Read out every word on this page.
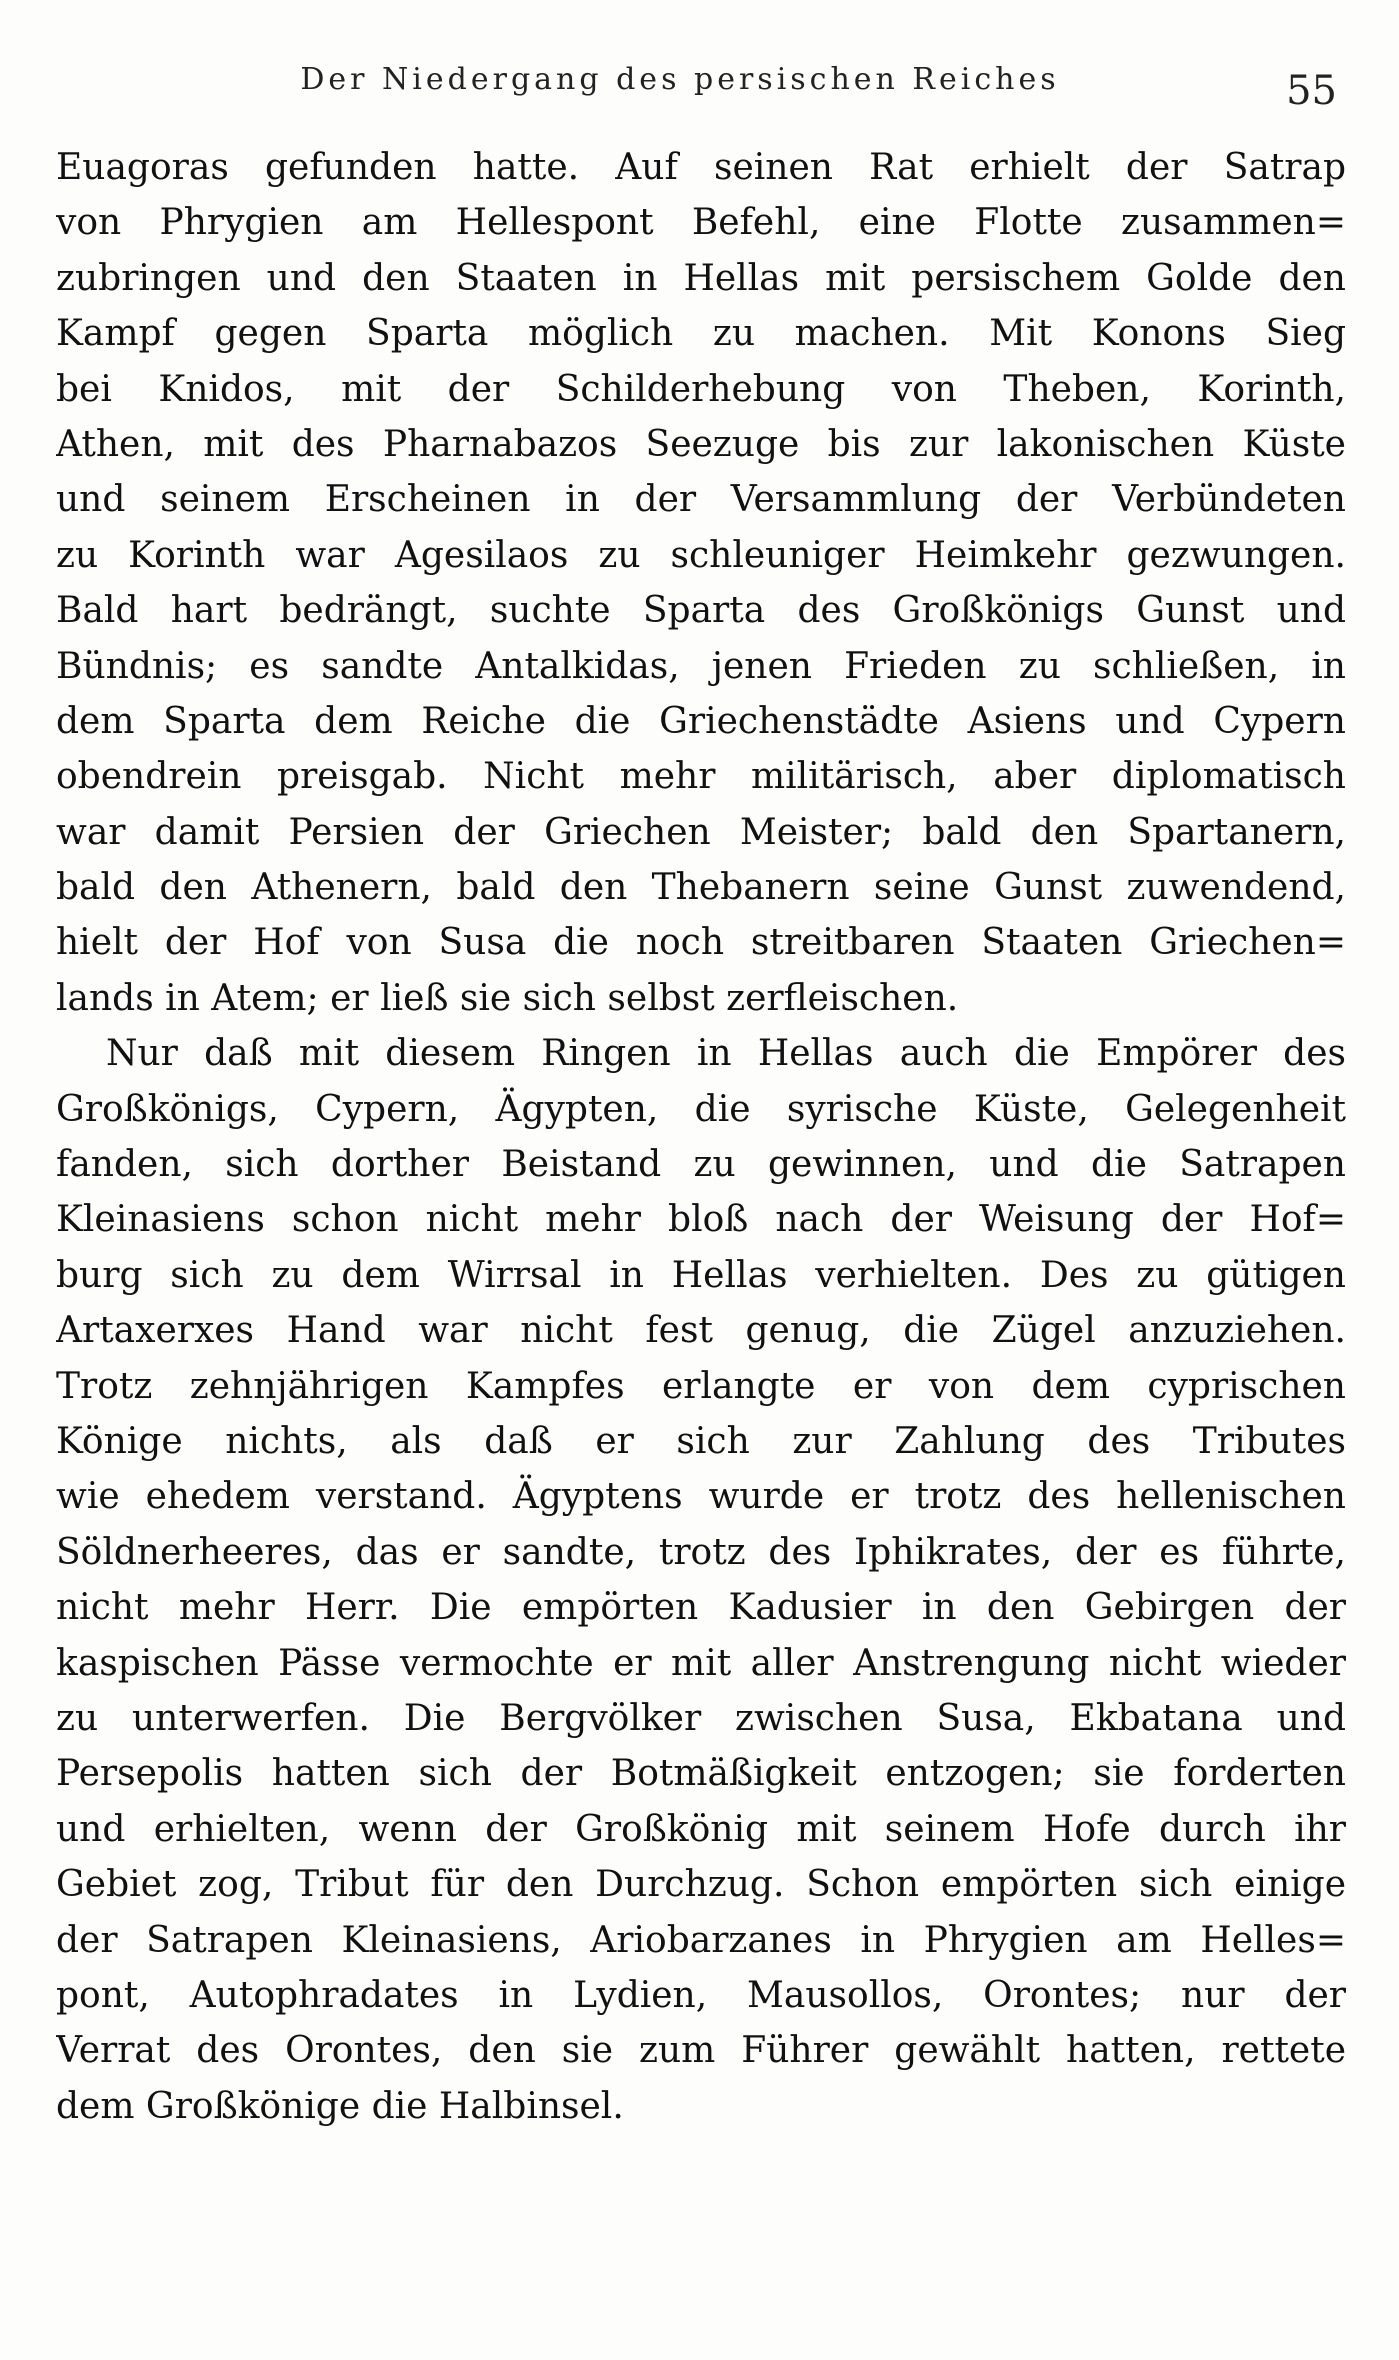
Der Niedergang des persischen Reiches	55
Euagoras gefunden hatte. Auf seinen Rat erhielt der Satrap
von Phrygien am Hellespont Befehl, eine Flotte zusammen=
zubringen und den Staaten in Hellas mit persischem Golde den
Kampf gegen Sparta möglich zu machen. Mit Konons Sieg
bei Knidos, mit der Schilderhebung von Theben, Korinth,
Athen, mit des Pharnabazos Seezuge bis zur lakonischen Küste
und seinem Erscheinen in der Versammlung der Verbündeten
zu Korinth war Agesilaos zu schleuniger Heimkehr gezwungen.
Bald hart bedrängt, suchte Sparta des Großkönigs Gunst und
Bündnis; es sandte Antalkidas, jenen Frieden zu schließen, in
dem Sparta dem Reiche die Griechenstädte Asiens und Cypern
obendrein preisgab. Nicht mehr militärisch, aber diplomatisch
war damit Persien der Griechen Meister; bald den Spartanern,
bald den Athenern, bald den Thebanern seine Gunst zuwendend,
hielt der Hof von Susa die noch streitbaren Staaten Griechen=
lands in Atem; er ließ sie sich selbst zerfleischen.
Nur daß mit diesem Ringen in Hellas auch die Empörer des
Großkönigs, Cypern, Ägypten, die syrische Küste, Gelegenheit
fanden, sich dorther Beistand zu gewinnen, und die Satrapen
Kleinasiens schon nicht mehr bloß nach der Weisung der Hof=
burg sich zu dem Wirrsal in Hellas verhielten. Des zu gütigen
Artaxerxes Hand war nicht fest genug, die Zügel anzuziehen.
Trotz zehnjährigen Kampfes erlangte er von dem cyprischen
Könige nichts, als daß er sich zur Zahlung des Tributes
wie ehedem verstand. Ägyptens wurde er trotz des hellenischen
Söldnerheeres, das er sandte, trotz des Iphikrates, der es führte,
nicht mehr Herr. Die empörten Kadusier in den Gebirgen der
kaspischen Pässe vermochte er mit aller Anstrengung nicht wieder
zu unterwerfen. Die Bergvölker zwischen Susa, Ekbatana und
Persepolis hatten sich der Botmäßigkeit entzogen; sie forderten
und erhielten, wenn der Großkönig mit seinem Hofe durch ihr
Gebiet zog, Tribut für den Durchzug. Schon empörten sich einige
der Satrapen Kleinasiens, Ariobarzanes in Phrygien am Helles=
pont, Autophradates in Lydien, Mausollos, Orontes; nur der
Verrat des Orontes, den sie zum Führer gewählt hatten, rettete
dem Großkönige die Halbinsel.
